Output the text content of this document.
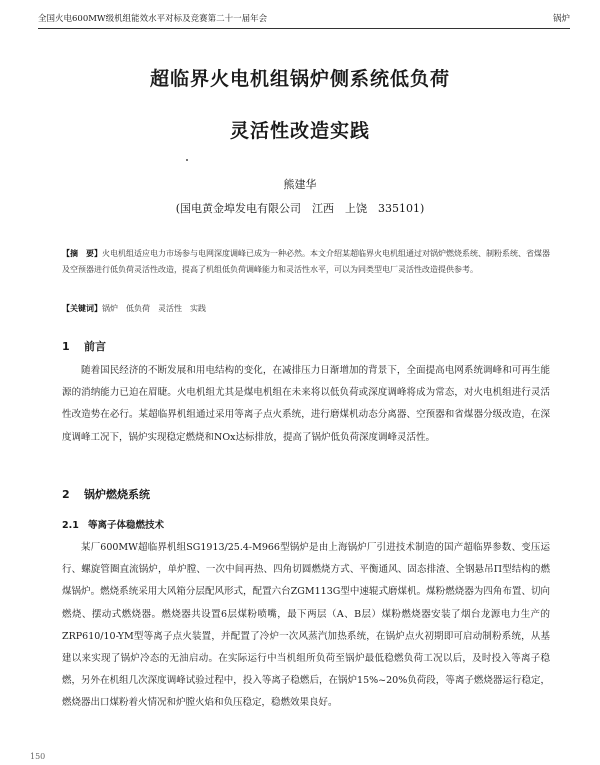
全国火电600MW级机组能效水平对标及竞赛第二十一届年会	锅炉
超临界火电机组锅炉侧系统低负荷
灵活性改造实践
熊建华
(国电黄金埠发电有限公司　江西　上饶　335101)
【摘　要】火电机组适应电力市场参与电网深度调峰已成为一种必然。本文介绍某超临界火电机组通过对锅炉燃烧系统、制粉系统、省煤器及空预器进行低负荷灵活性改造，提高了机组低负荷调峰能力和灵活性水平，可以为同类型电厂灵活性改造提供参考。
【关键词】锅炉　低负荷　灵活性　实践
1 前言
随着国民经济的不断发展和用电结构的变化，在减排压力日渐增加的背景下，全面提高电网系统调峰和可再生能源的消纳能力已迫在眉睫。火电机组尤其是煤电机组在未来将以低负荷或深度调峰将成为常态，对火电机组进行灵活性改造势在必行。某超临界机组通过采用等离子点火系统，进行磨煤机动态分离器、空预器和省煤器分级改造，在深度调峰工况下，锅炉实现稳定燃烧和NOx达标排放，提高了锅炉低负荷深度调峰灵活性。
2 锅炉燃烧系统
2.1 等离子体稳燃技术
某厂600MW超临界机组SG1913/25.4-M966型锅炉是由上海锅炉厂引进技术制造的国产超临界参数、变压运行、螺旋管圈直流锅炉，单炉膛、一次中间再热、四角切圆燃烧方式、平衡通风、固态排渣、全钢悬吊Π型结构的燃煤锅炉。燃烧系统采用大风箱分层配风形式，配置六台ZGM113G型中速辊式磨煤机。煤粉燃烧器为四角布置、切向燃烧、摆动式燃烧器。燃烧器共设置6层煤粉喷嘴，最下两层（A、B层）煤粉燃烧器安装了烟台龙源电力生产的ZRP610/10-YM型等离子点火装置，并配置了冷炉一次风蒸汽加热系统，在锅炉点火初期即可启动制粉系统，从基建以来实现了锅炉冷态的无油启动。在实际运行中当机组所负荷至锅炉最低稳燃负荷工况以后，及时投入等离子稳燃，另外在机组几次深度调峰试验过程中，投入等离子稳燃后，在锅炉15%~20%负荷段，等离子燃烧器运行稳定，燃烧器出口煤粉着火情况和炉膛火焰和负压稳定，稳燃效果良好。
150
